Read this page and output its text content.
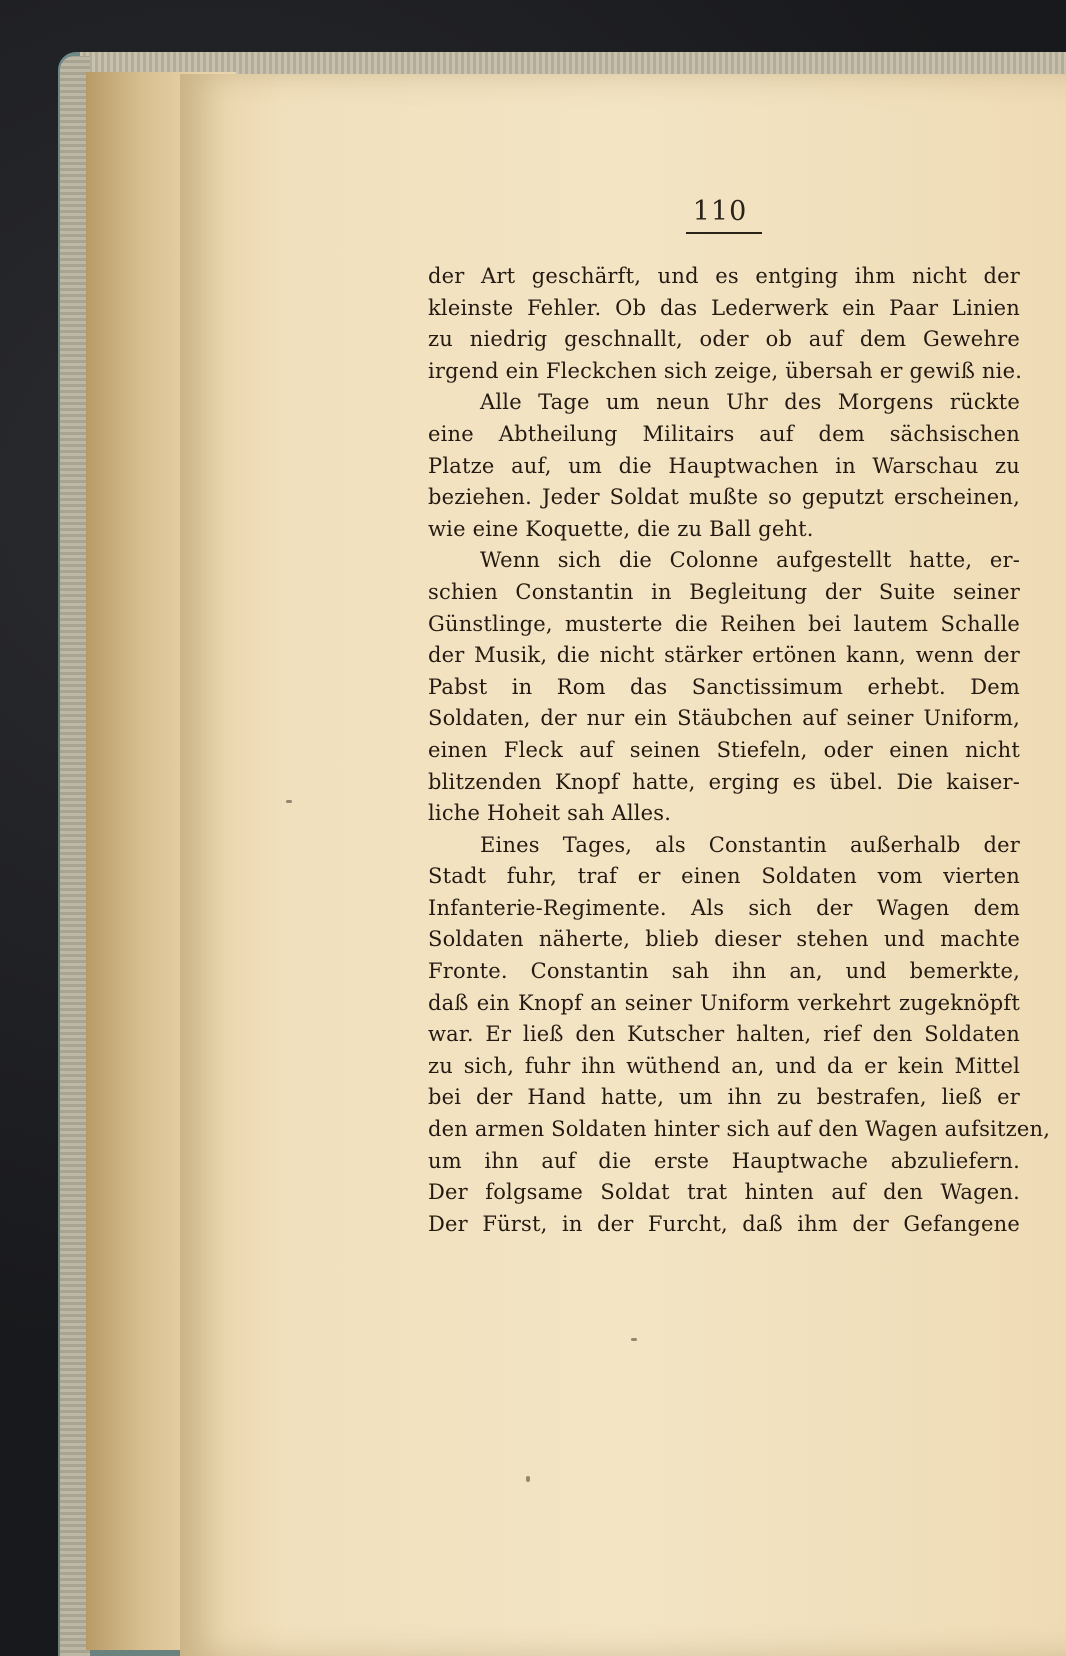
110
der Art geschärft, und es entging ihm nicht der
kleinste Fehler. Ob das Lederwerk ein Paar Linien
zu niedrig geschnallt, oder ob auf dem Gewehre
irgend ein Fleckchen sich zeige, übersah er gewiß nie.
Alle Tage um neun Uhr des Morgens rückte
eine Abtheilung Militairs auf dem sächsischen
Platze auf, um die Hauptwachen in Warschau zu
beziehen. Jeder Soldat mußte so geputzt erscheinen,
wie eine Koquette, die zu Ball geht.
Wenn sich die Colonne aufgestellt hatte, er-
schien Constantin in Begleitung der Suite seiner
Günstlinge, musterte die Reihen bei lautem Schalle
der Musik, die nicht stärker ertönen kann, wenn der
Pabst in Rom das Sanctissimum erhebt. Dem
Soldaten, der nur ein Stäubchen auf seiner Uniform,
einen Fleck auf seinen Stiefeln, oder einen nicht
blitzenden Knopf hatte, erging es übel. Die kaiser-
liche Hoheit sah Alles.
Eines Tages, als Constantin außerhalb der
Stadt fuhr, traf er einen Soldaten vom vierten
Infanterie-Regimente. Als sich der Wagen dem
Soldaten näherte, blieb dieser stehen und machte
Fronte. Constantin sah ihn an, und bemerkte,
daß ein Knopf an seiner Uniform verkehrt zugeknöpft
war. Er ließ den Kutscher halten, rief den Soldaten
zu sich, fuhr ihn wüthend an, und da er kein Mittel
bei der Hand hatte, um ihn zu bestrafen, ließ er
den armen Soldaten hinter sich auf den Wagen aufsitzen,
um ihn auf die erste Hauptwache abzuliefern.
Der folgsame Soldat trat hinten auf den Wagen.
Der Fürst, in der Furcht, daß ihm der Gefangene
